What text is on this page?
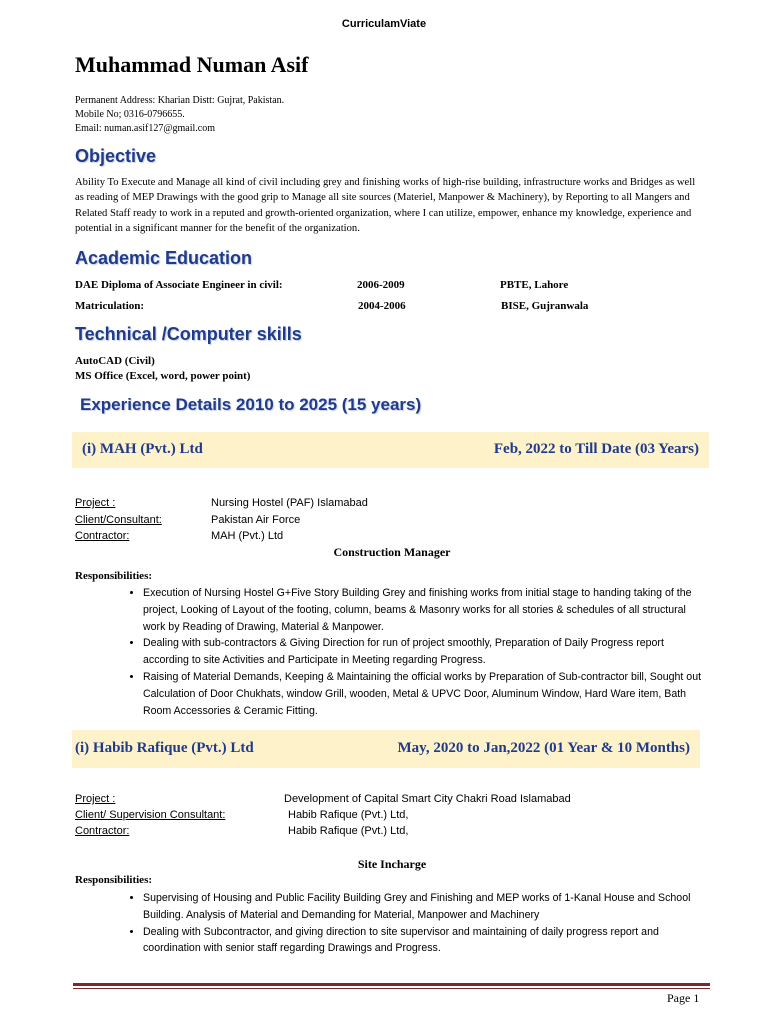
CurriculamViate
Muhammad Numan Asif
Permanent Address: Kharian Distt: Gujrat, Pakistan.
Mobile No; 0316-0796655.
Email: numan.asif127@gmail.com
Objective
Ability To Execute and Manage all kind of civil including grey and finishing works of high-rise building, infrastructure works and Bridges as well as reading of MEP Drawings with the good grip to Manage all site sources (Materiel, Manpower & Machinery), by Reporting to all Mangers and Related Staff ready to work in a reputed and growth-oriented organization, where I can utilize, empower, enhance my knowledge, experience and potential in a significant manner for the benefit of the organization.
Academic Education
DAE Diploma of Associate Engineer in civil:	2006-2009	PBTE, Lahore
Matriculation:	2004-2006	BISE, Gujranwala
Technical /Computer skills
AutoCAD (Civil)
MS Office (Excel, word, power point)
Experience Details 2010 to 2025 (15 years)
(i) MAH (Pvt.) Ltd	Feb, 2022 to Till Date (03 Years)
Project :	Nursing Hostel (PAF) Islamabad
Client/Consultant:	Pakistan Air Force
Contractor:	MAH (Pvt.) Ltd
Construction Manager
Responsibilities:
• Execution of Nursing Hostel G+Five Story Building Grey and finishing works from initial stage to handing taking of the project, Looking of Layout of the footing, column, beams & Masonry works for all stories & schedules of all structural work by Reading of Drawing, Material & Manpower.
• Dealing with sub-contractors & Giving Direction for run of project smoothly, Preparation of Daily Progress report according to site Activities and Participate in Meeting regarding Progress.
• Raising of Material Demands, Keeping & Maintaining the official works by Preparation of Sub-contractor bill, Sought out Calculation of Door Chukhats, window Grill, wooden, Metal & UPVC Door, Aluminum Window, Hard Ware item, Bath Room Accessories & Ceramic Fitting.
(i) Habib Rafique (Pvt.) Ltd	May, 2020 to Jan,2022 (01 Year & 10 Months)
Project :	Development of Capital Smart City Chakri Road Islamabad
Client/ Supervision Consultant:	Habib Rafique (Pvt.) Ltd,
Contractor:	Habib Rafique (Pvt.) Ltd,
Site Incharge
Responsibilities:
• Supervising of Housing and Public Facility Building Grey and Finishing and MEP works of 1-Kanal House and School Building. Analysis of Material and Demanding for Material, Manpower and Machinery
• Dealing with Subcontractor, and giving direction to site supervisor and maintaining of daily progress report and coordination with senior staff regarding Drawings and Progress.
Page 1
